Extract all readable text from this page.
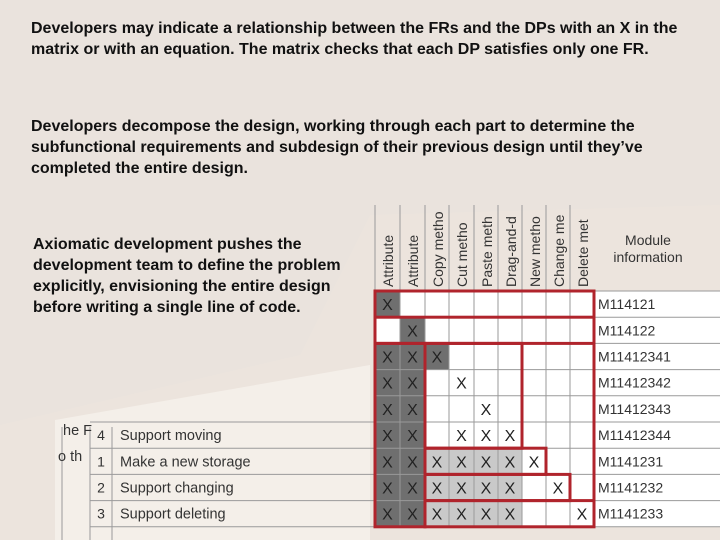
Developers may indicate a relationship between the FRs and the DPs with an X in the matrix or with an equation. The matrix checks that each DP satisfies only one FR.

Developers decompose the design, working through each part to determine the subfunctional requirements and subdesign of their previous design until they’ve completed the entire design.

he F
o th
4 Support moving
1 Make a new storage
2 Support changing
3 Support deleting
Attribute Attribute Copy metho Cut metho Paste meth Drag-and-d New metho Change me Delete met Module
information
X
X
X X X
X X X
X X	X
X X X X X
X X X X X X X
X X X X X X X
X X X X X X	X
M114121
M114122
M11412341
M11412342
M11412343
M11412344
M1141231
M1141232
M1141233

Axiomatic development pushes the development team to define the problem explicitly, envisioning the entire design before writing a single line of code.
